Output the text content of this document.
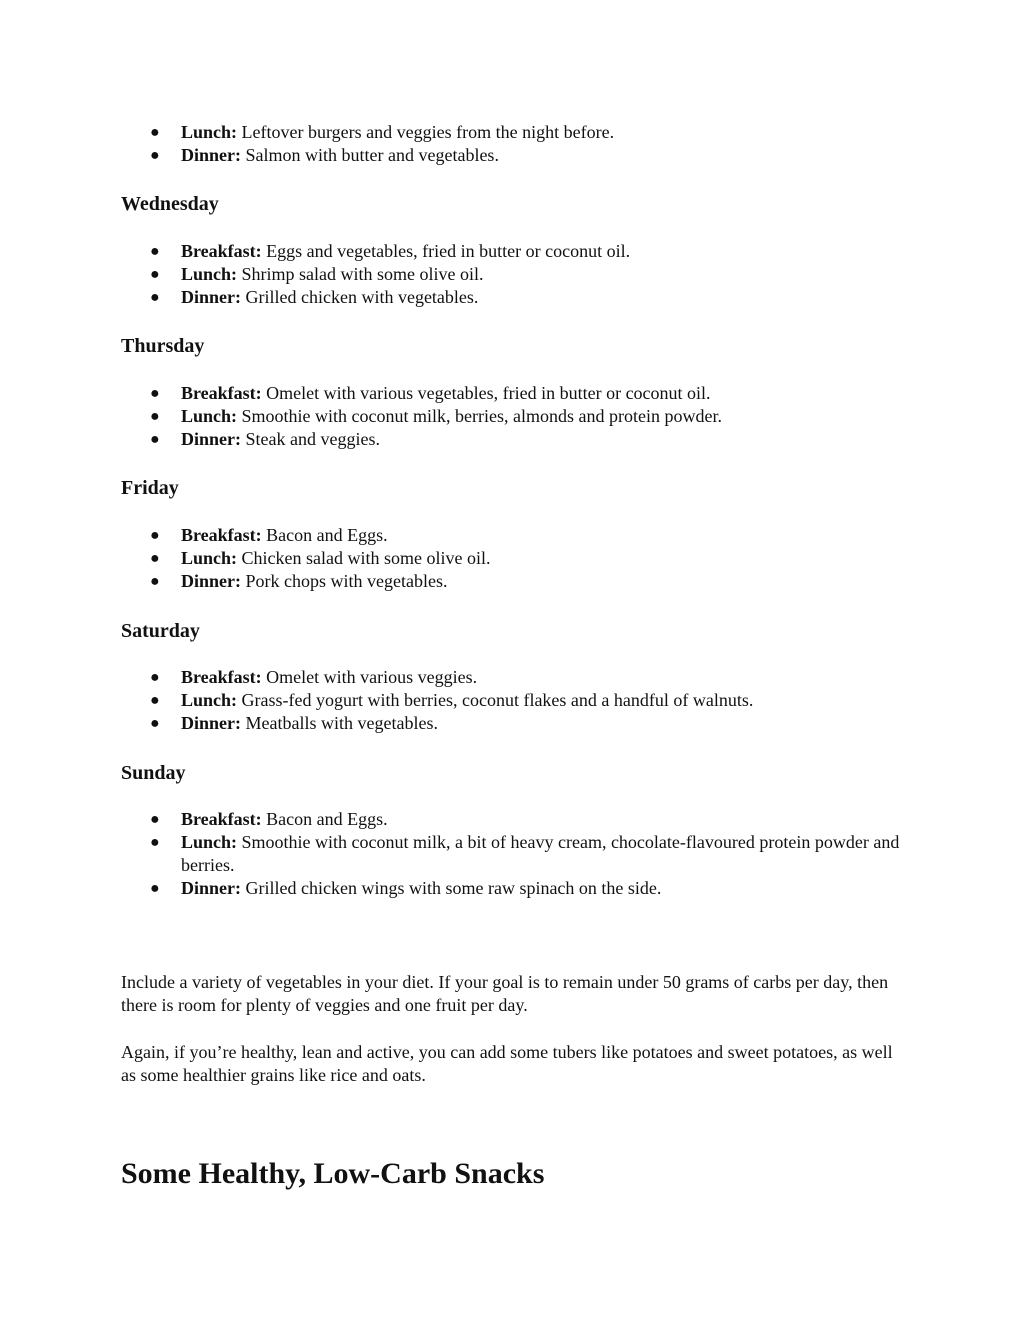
● Lunch: Leftover burgers and veggies from the night before.
● Dinner: Salmon with butter and vegetables.
Wednesday
● Breakfast: Eggs and vegetables, fried in butter or coconut oil.
● Lunch: Shrimp salad with some olive oil.
● Dinner: Grilled chicken with vegetables.
Thursday
● Breakfast: Omelet with various vegetables, fried in butter or coconut oil.
● Lunch: Smoothie with coconut milk, berries, almonds and protein powder.
● Dinner: Steak and veggies.
Friday
● Breakfast: Bacon and Eggs.
● Lunch: Chicken salad with some olive oil.
● Dinner: Pork chops with vegetables.
Saturday
● Breakfast: Omelet with various veggies.
● Lunch: Grass-fed yogurt with berries, coconut flakes and a handful of walnuts.
● Dinner: Meatballs with vegetables.
Sunday
● Breakfast: Bacon and Eggs.
● Lunch: Smoothie with coconut milk, a bit of heavy cream, chocolate-flavoured protein powder and berries.
● Dinner: Grilled chicken wings with some raw spinach on the side.

Include a variety of vegetables in your diet. If your goal is to remain under 50 grams of carbs per day, then there is room for plenty of veggies and one fruit per day.

Again, if you’re healthy, lean and active, you can add some tubers like potatoes and sweet potatoes, as well as some healthier grains like rice and oats.

Some Healthy, Low-Carb Snacks
